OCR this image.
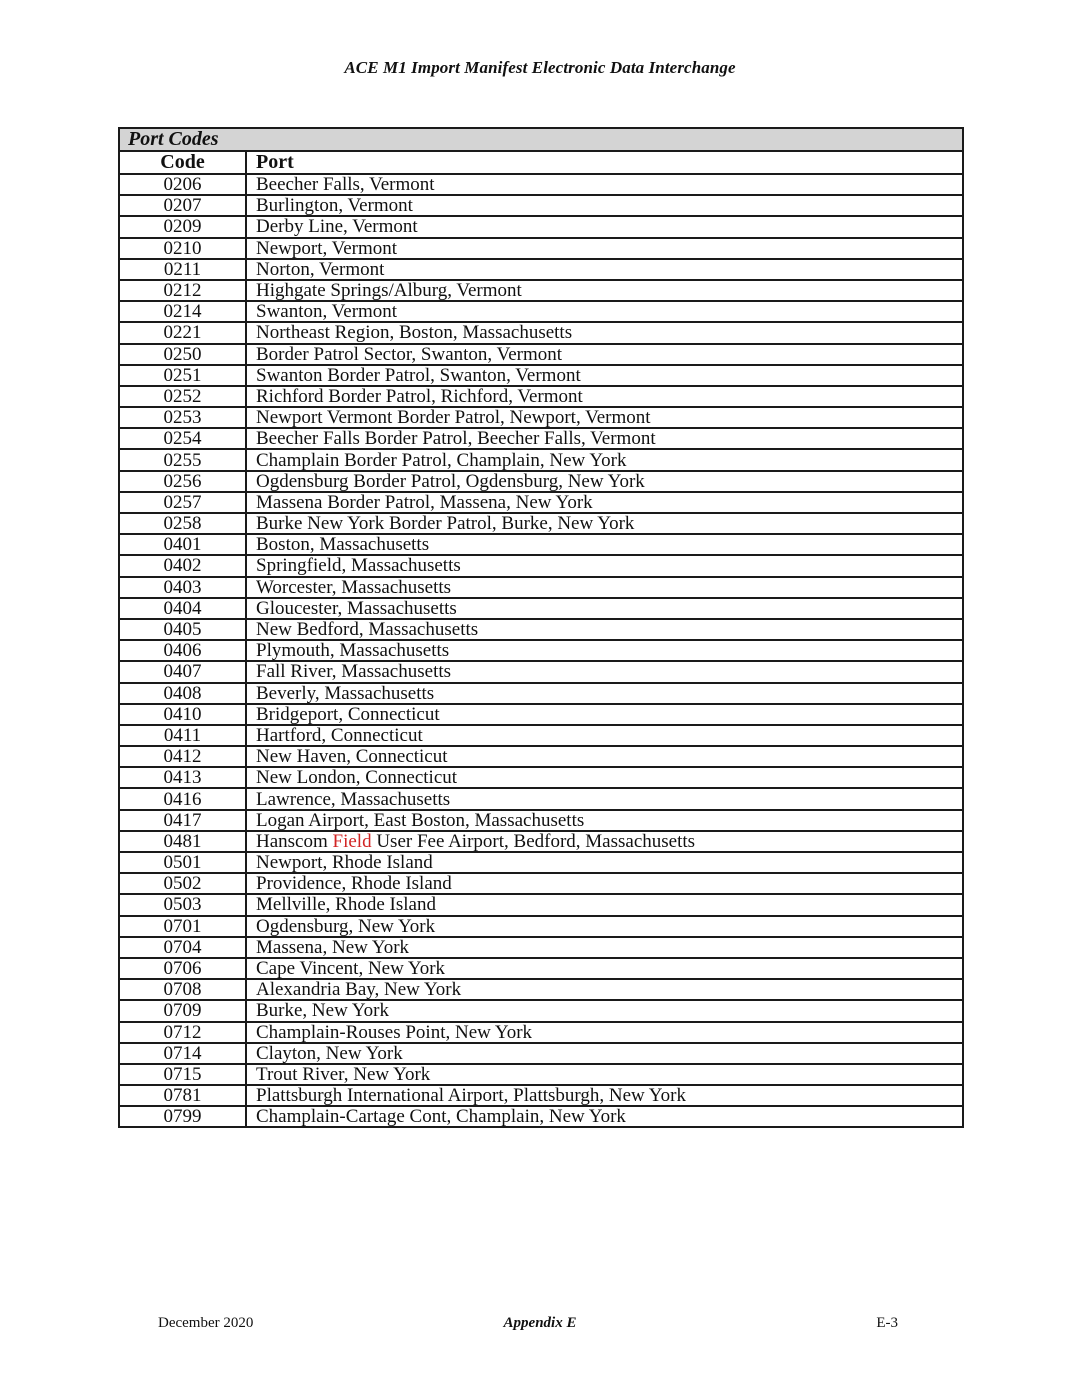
ACE M1 Import Manifest Electronic Data Interchange
Port Codes	
Code	Port
0206	Beecher Falls, Vermont
0207	Burlington, Vermont
0209	Derby Line, Vermont
0210	Newport, Vermont
0211	Norton, Vermont
0212	Highgate Springs/Alburg, Vermont
0214	Swanton, Vermont
0221	Northeast Region, Boston, Massachusetts
0250	Border Patrol Sector, Swanton, Vermont
0251	Swanton Border Patrol, Swanton, Vermont
0252	Richford Border Patrol, Richford, Vermont
0253	Newport Vermont Border Patrol, Newport, Vermont
0254	Beecher Falls Border Patrol, Beecher Falls, Vermont
0255	Champlain Border Patrol, Champlain, New York
0256	Ogdensburg Border Patrol, Ogdensburg, New York
0257	Massena Border Patrol, Massena, New York
0258	Burke New York Border Patrol, Burke, New York
0401	Boston, Massachusetts
0402	Springfield, Massachusetts
0403	Worcester, Massachusetts
0404	Gloucester, Massachusetts
0405	New Bedford, Massachusetts
0406	Plymouth, Massachusetts
0407	Fall River, Massachusetts
0408	Beverly, Massachusetts
0410	Bridgeport, Connecticut
0411	Hartford, Connecticut
0412	New Haven, Connecticut
0413	New London, Connecticut
0416	Lawrence, Massachusetts
0417	Logan Airport, East Boston, Massachusetts
0481	Hanscom Field User Fee Airport, Bedford, Massachusetts
0501	Newport, Rhode Island
0502	Providence, Rhode Island
0503	Mellville, Rhode Island
0701	Ogdensburg, New York
0704	Massena, New York
0706	Cape Vincent, New York
0708	Alexandria Bay, New York
0709	Burke, New York
0712	Champlain-Rouses Point, New York
0714	Clayton, New York
0715	Trout River, New York
0781	Plattsburgh International Airport, Plattsburgh, New York
0799	Champlain-Cartage Cont, Champlain, New York
December 2020	Appendix E	E-3
